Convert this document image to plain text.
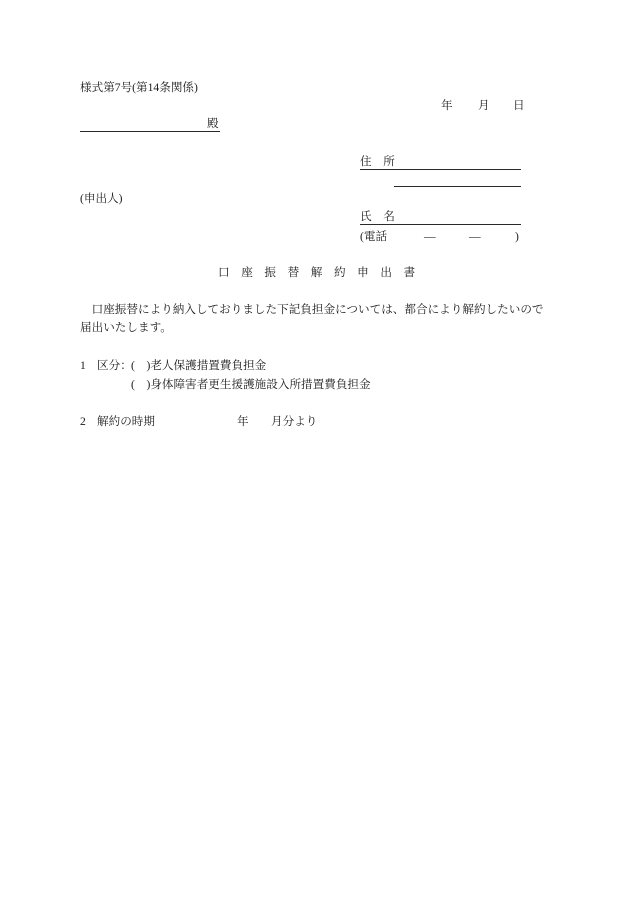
様式第7号(第14条関係)
年 月 日
殿
住　所
(申出人)
氏　名
(電話	—	—	)
口　座　振　替　解　約　申　出　書
口座振替により納入しておりました下記負担金については、都合により解約したいので
届出いたします。
1 区分： (　)老人保護措置費負担金
(　)身体障害者更生援護施設入所措置費負担金
2 解約の時期	年 月分より
